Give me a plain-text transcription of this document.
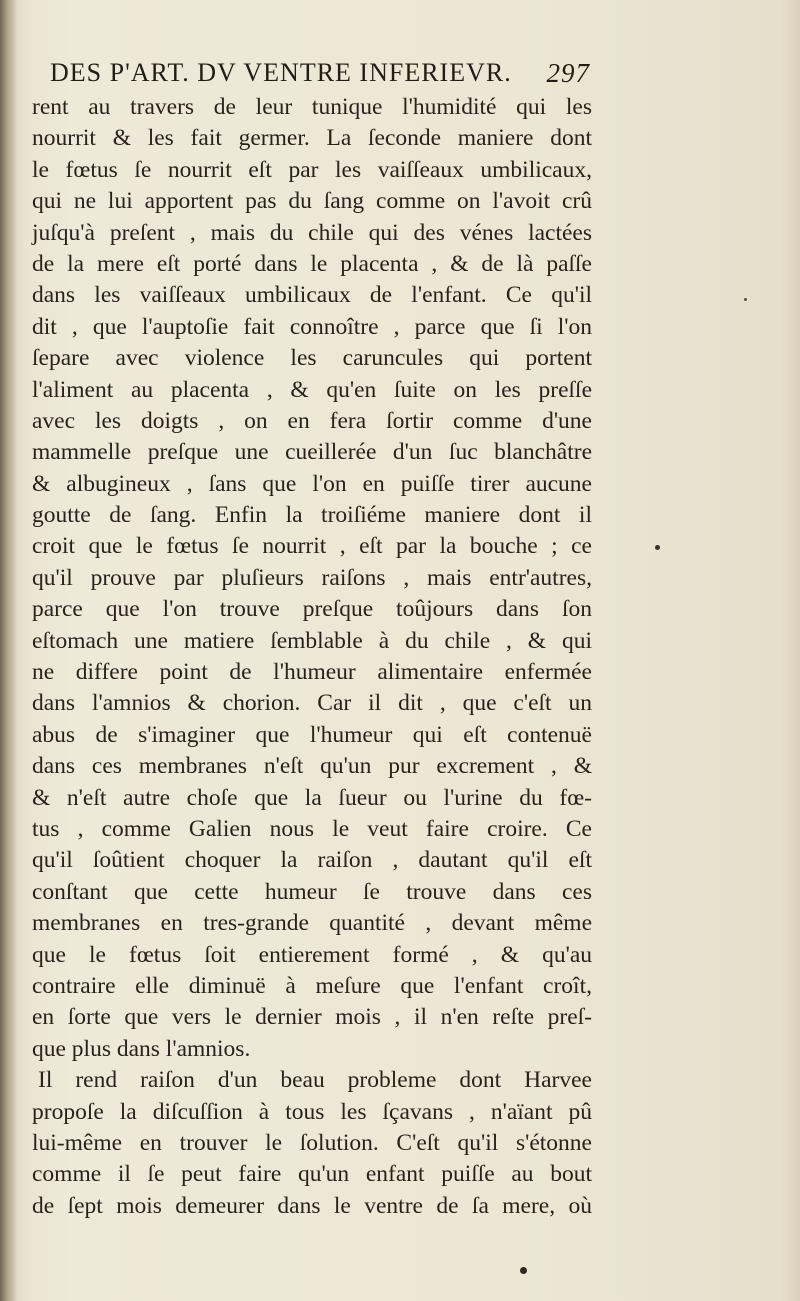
DES P'ART. DV VENTRE INFERIEVR. 297
rent au travers de leur tunique l'humidité qui les
nourrit & les fait germer. La ſeconde maniere dont
le fœtus ſe nourrit eſt par les vaiſſeaux umbilicaux,
qui ne lui apportent pas du ſang comme on l'avoit crû
juſqu'à preſent , mais du chile qui des vénes lactées
de la mere eſt porté dans le placenta , & de là paſſe
dans les vaiſſeaux umbilicaux de l'enfant. Ce qu'il
dit , que l'auptoſie fait connoître , parce que ſi l'on
ſepare avec violence les caruncules qui portent
l'aliment au placenta , & qu'en ſuite on les preſſe
avec les doigts , on en fera ſortir comme d'une
mammelle preſque une cueillerée d'un ſuc blanchâtre
& albugineux , ſans que l'on en puiſſe tirer aucune
goutte de ſang. Enfin la troiſiéme maniere dont il
croit que le fœtus ſe nourrit , eſt par la bouche ; ce
qu'il prouve par pluſieurs raiſons , mais entr'autres,
parce que l'on trouve preſque toûjours dans ſon
eſtomach une matiere ſemblable à du chile , & qui
ne differe point de l'humeur alimentaire enfermée
dans l'amnios & chorion. Car il dit , que c'eſt un
abus de s'imaginer que l'humeur qui eſt contenuë
dans ces membranes n'eſt qu'un pur excrement , &
& n'eſt autre choſe que la ſueur ou l'urine du fœ-
tus , comme Galien nous le veut faire croire. Ce
qu'il ſoûtient choquer la raiſon , dautant qu'il eſt
conſtant que cette humeur ſe trouve dans ces
membranes en tres-grande quantité , devant même
que le fœtus ſoit entierement formé , & qu'au
contraire elle diminuë à meſure que l'enfant croît,
en ſorte que vers le dernier mois , il n'en reſte preſ-
que plus dans l'amnios.
Il rend raiſon d'un beau probleme dont Harvee
propoſe la diſcuſſion à tous les ſçavans , n'aïant pû
lui-même en trouver le ſolution. C'eſt qu'il s'étonne
comme il ſe peut faire qu'un enfant puiſſe au bout
de ſept mois demeurer dans le ventre de ſa mere, où
